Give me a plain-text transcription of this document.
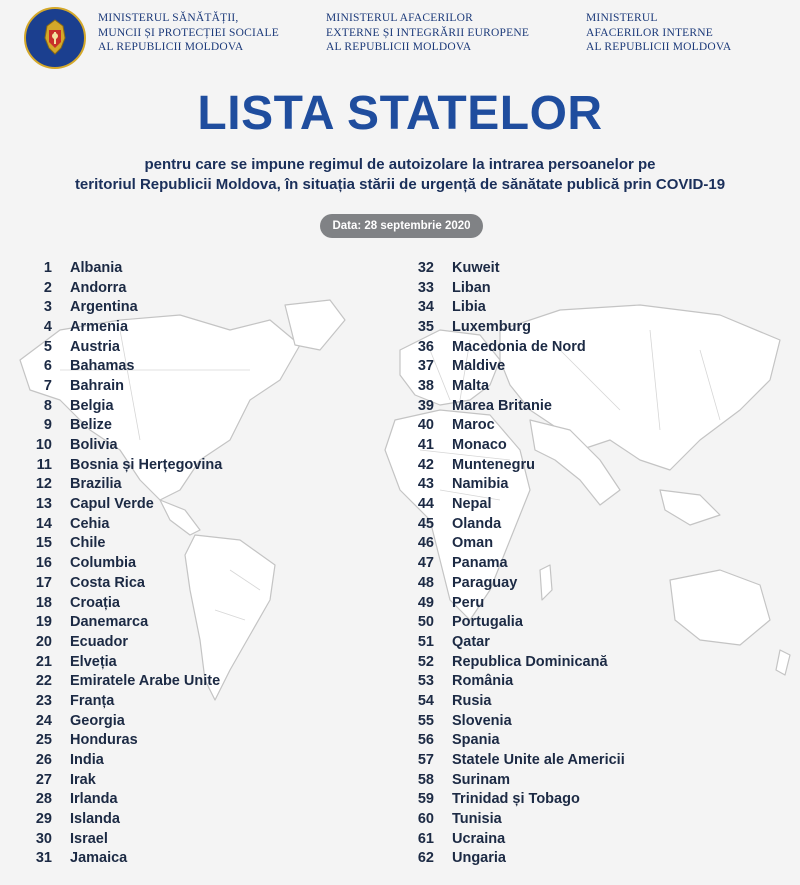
MINISTERUL SĂNĂTĂȚII,
MUNCII ȘI PROTECȚIEI SOCIALE
AL REPUBLICII MOLDOVA
MINISTERUL AFACERILOR
EXTERNE ȘI INTEGRĂRII EUROPENE
AL REPUBLICII MOLDOVA
MINISTERUL
AFACERILOR INTERNE
AL REPUBLICII MOLDOVA
LISTA STATELOR
pentru care se impune regimul de autoizolare la intrarea persoanelor pe
teritoriul Republicii Moldova, în situația stării de urgență de sănătate publică prin COVID-19
Data: 28 septembrie 2020
1 Albania
2 Andorra
3 Argentina
4 Armenia
5 Austria
6 Bahamas
7 Bahrain
8 Belgia
9 Belize
10 Bolivia
11 Bosnia și Herțegovina
12 Brazilia
13 Capul Verde
14 Cehia
15 Chile
16 Columbia
17 Costa Rica
18 Croația
19 Danemarca
20 Ecuador
21 Elveția
22 Emiratele Arabe Unite
23 Franța
24 Georgia
25 Honduras
26 India
27 Irak
28 Irlanda
29 Islanda
30 Israel
31 Jamaica
32 Kuweit
33 Liban
34 Libia
35 Luxemburg
36 Macedonia de Nord
37 Maldive
38 Malta
39 Marea Britanie
40 Maroc
41 Monaco
42 Muntenegru
43 Namibia
44 Nepal
45 Olanda
46 Oman
47 Panama
48 Paraguay
49 Peru
50 Portugalia
51 Qatar
52 Republica Dominicană
53 România
54 Rusia
55 Slovenia
56 Spania
57 Statele Unite ale Americii
58 Surinam
59 Trinidad și Tobago
60 Tunisia
61 Ucraina
62 Ungaria
